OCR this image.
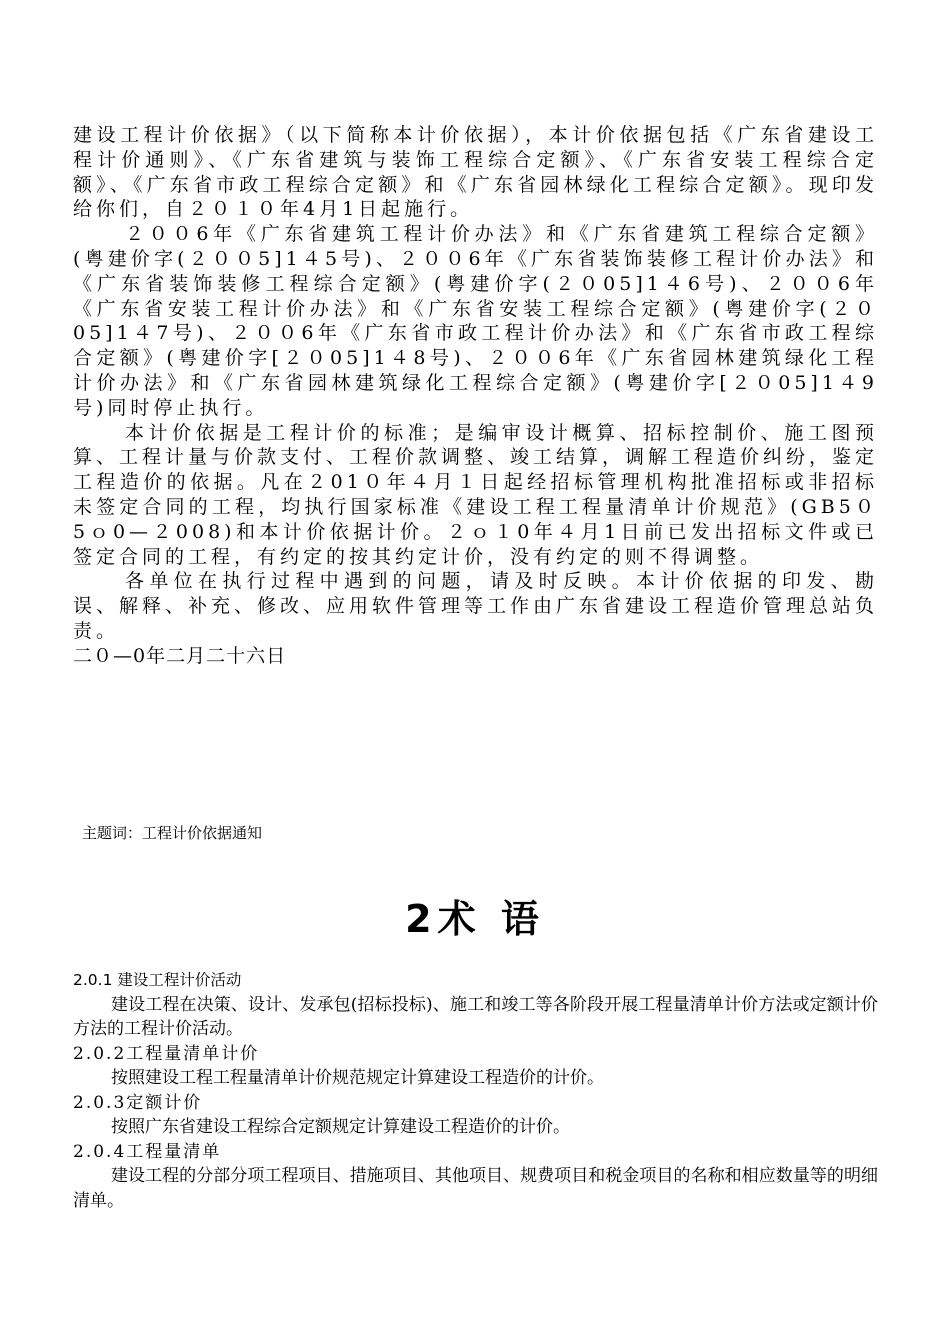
建设工程计价依据》（以下简称本计价依据），本计价依据包括《广东省建设工程计价通则》、《广东省建筑与装饰工程综合定额》、《广东省安装工程综合定额》、《广东省市政工程综合定额》和《广东省园林绿化工程综合定额》。现印发给你们，自２０１０年4月1日起施行。

２００6年《广东省建筑工程计价办法》和《广东省建筑工程综合定额》(粤建价字(２００5]1４5号)、２００6年《广东省装饰装修工程计价办法》和《广东省装饰装修工程综合定额》(粤建价字(２０05]1４6号)、２００6年《广东省安装工程计价办法》和《广东省安装工程综合定额》(粤建价字(２０05]1４7号)、２００6年《广东省市政工程计价办法》和《广东省市政工程综合定额》(粤建价字[２０05]1４8号)、２００6年《广东省园林建筑绿化工程计价办法》和《广东省园林建筑绿化工程综合定额》(粤建价字[２０05]1４9号)同时停止执行。

本计价依据是工程计价的标准；是编审设计概算、招标控制价、施工图预算、工程计量与价款支付、工程价款调整、竣工结算，调解工程造价纠纷，鉴定工程造价的依据。凡在２01０年４月１日起经招标管理机构批准招标或非招标未签定合同的工程，均执行国家标准《建设工程工程量清单计价规范》(GB5０5ｏ0—２008)和本计价依据计价。２ｏ１0年４月1日前已发出招标文件或已签定合同的工程，有约定的按其约定计价，没有约定的则不得调整。

各单位在执行过程中遇到的问题，请及时反映。本计价依据的印发、勘误、解释、补充、修改、应用软件管理等工作由广东省建设工程造价管理总站负责。

二０—0年二月二十六日

主题词：工程计价依据通知
2术 语

2.0.1 建设工程计价活动

建设工程在决策、设计、发承包(招标投标)、施工和竣工等各阶段开展工程量清单计价方法或定额计价方法的工程计价活动。

2.0.2工程量清单计价

按照建设工程工程量清单计价规范规定计算建设工程造价的计价。

2.0.3定额计价

按照广东省建设工程综合定额规定计算建设工程造价的计价。

2.0.4工程量清单

建设工程的分部分项工程项目、措施项目、其他项目、规费项目和税金项目的名称和相应数量等的明细清单。
